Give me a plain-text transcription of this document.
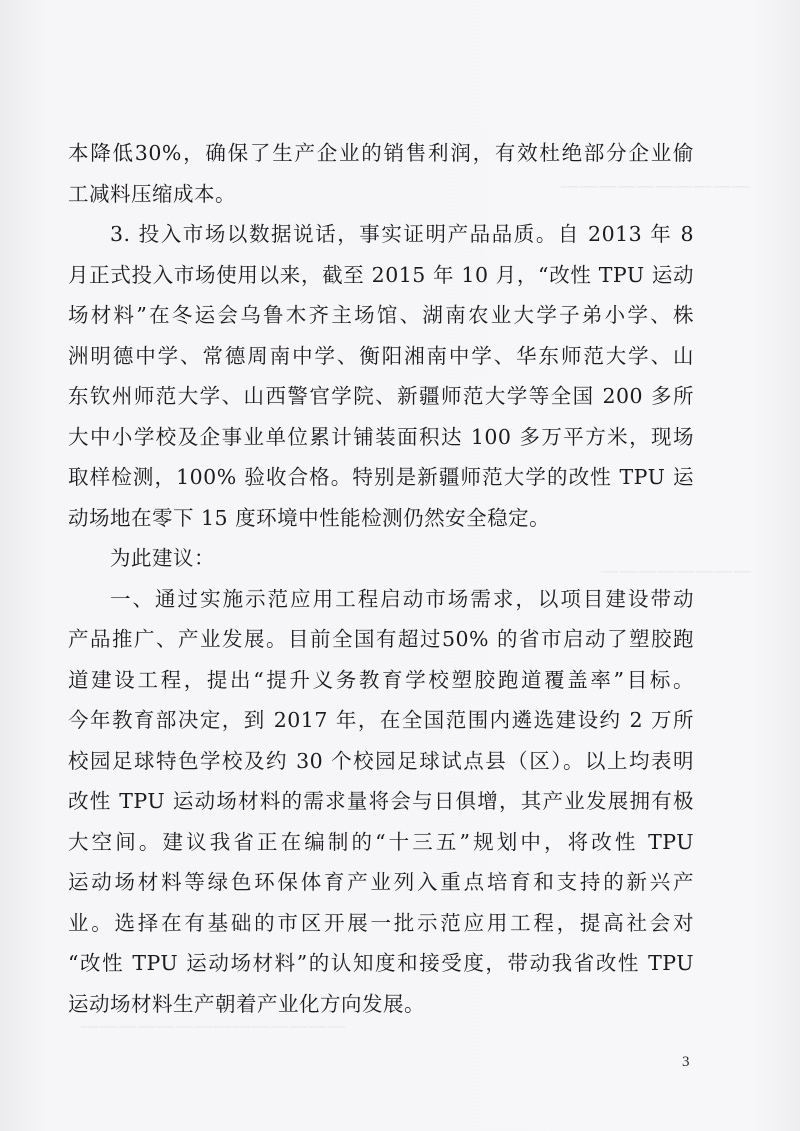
——————————
————————
——————————————
本降低30%，确保了生产企业的销售利润，有效杜绝部分企业偷
工减料压缩成本。
3. 投入市场以数据说话，事实证明产品品质。自 2013 年 8
月正式投入市场使用以来，截至 2015 年 10 月，“改性 TPU 运动
场材料”在冬运会乌鲁木齐主场馆、湖南农业大学子弟小学、株
洲明德中学、常德周南中学、衡阳湘南中学、华东师范大学、山
东钦州师范大学、山西警官学院、新疆师范大学等全国 200 多所
大中小学校及企事业单位累计铺装面积达 100 多万平方米，现场
取样检测，100% 验收合格。特别是新疆师范大学的改性 TPU 运
动场地在零下 15 度环境中性能检测仍然安全稳定。
为此建议：
一、通过实施示范应用工程启动市场需求，以项目建设带动
产品推广、产业发展。目前全国有超过50% 的省市启动了塑胶跑
道建设工程，提出“提升义务教育学校塑胶跑道覆盖率”目标。
今年教育部决定，到 2017 年，在全国范围内遴选建设约 2 万所
校园足球特色学校及约 30 个校园足球试点县（区）。以上均表明
改性 TPU 运动场材料的需求量将会与日俱增，其产业发展拥有极
大空间。建议我省正在编制的“十三五”规划中，将改性 TPU
运动场材料等绿色环保体育产业列入重点培育和支持的新兴产
业。选择在有基础的市区开展一批示范应用工程，提高社会对
“改性 TPU 运动场材料”的认知度和接受度，带动我省改性 TPU
运动场材料生产朝着产业化方向发展。
3
